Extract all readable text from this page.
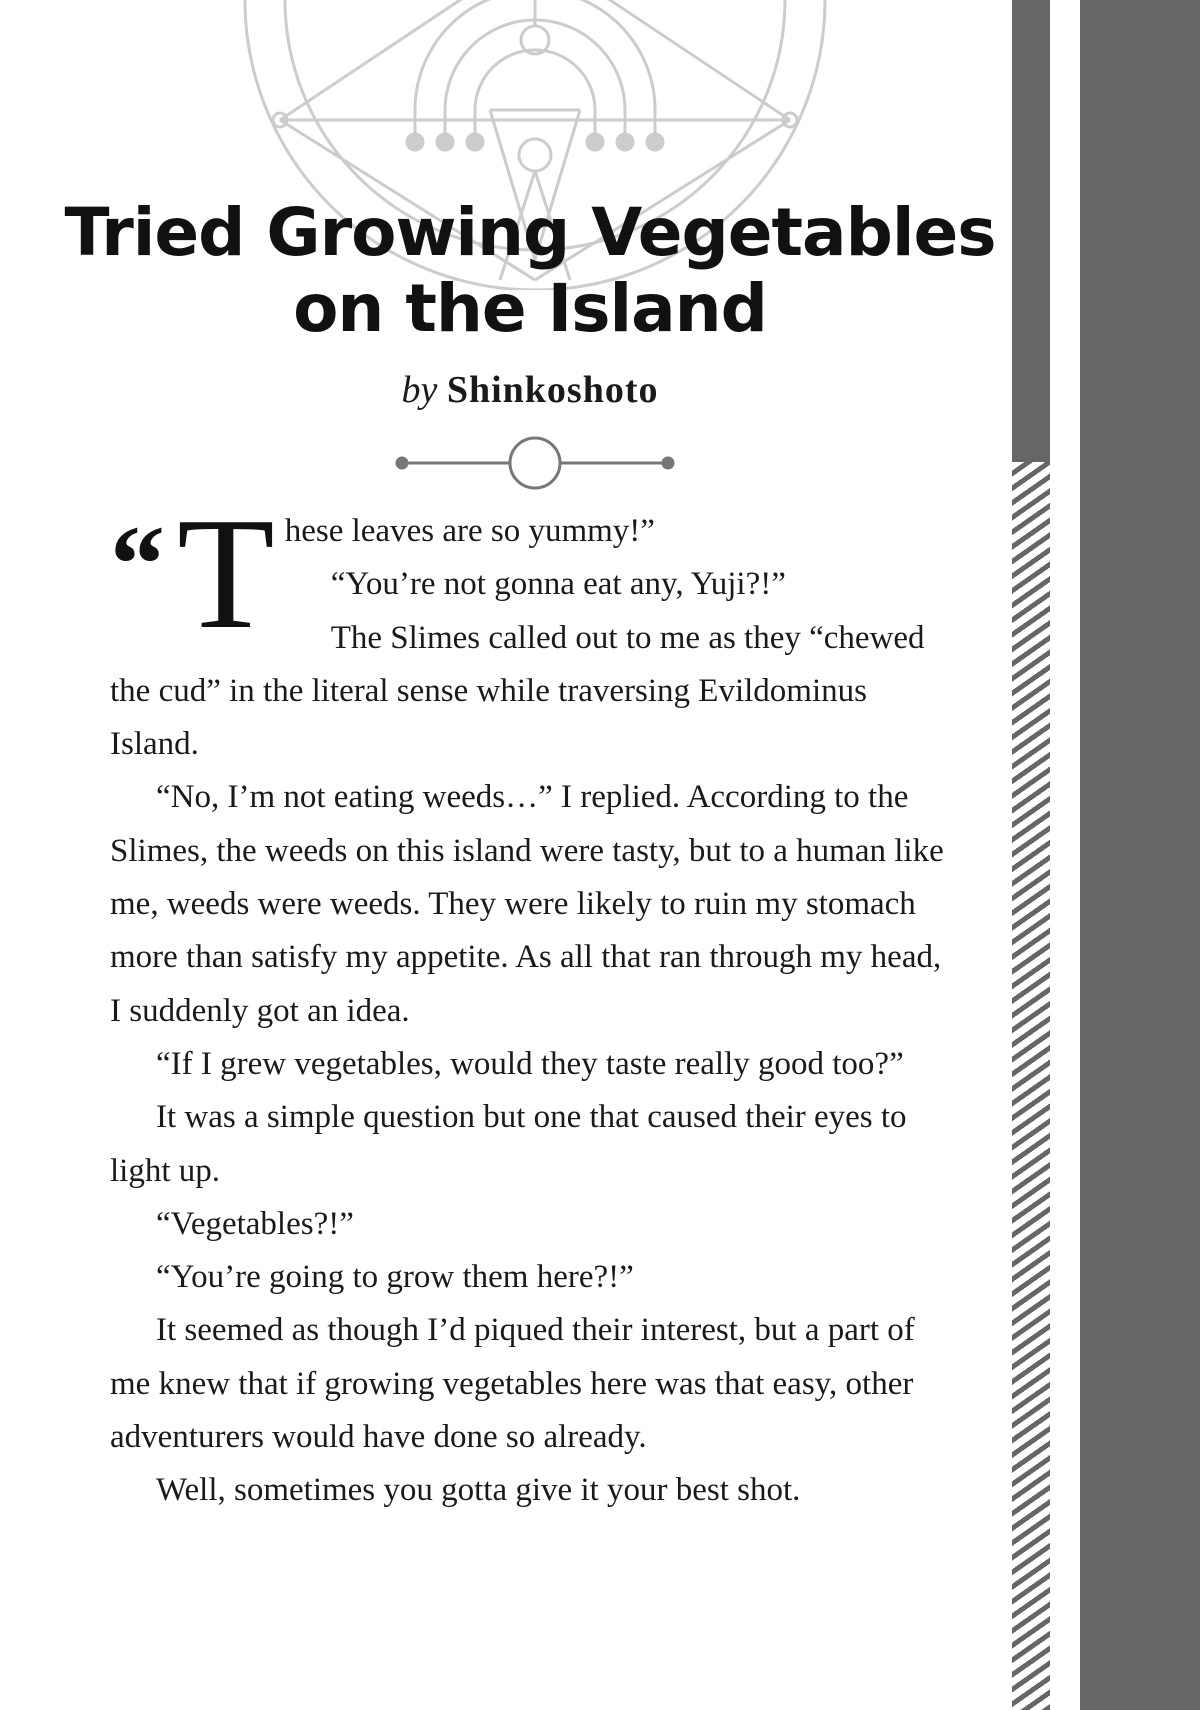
Tried Growing Vegetables
on the Island
by Shinkoshoto
“T hese leaves are so yummy!”

“You’re not gonna eat any, Yuji?!”

The Slimes called out to me as they “chewed the cud” in the literal sense while traversing Evildominus Island.

“No, I’m not eating weeds…” I replied. According to the Slimes, the weeds on this island were tasty, but to a human like me, weeds were weeds. They were likely to ruin my stomach more than satisfy my appetite. As all that ran through my head, I suddenly got an idea.

“If I grew vegetables, would they taste really good too?”

It was a simple question but one that caused their eyes to light up.

“Vegetables?!”

“You’re going to grow them here?!”

It seemed as though I’d piqued their interest, but a part of me knew that if growing vegetables here was that easy, other adventurers would have done so already.

Well, sometimes you gotta give it your best shot.
